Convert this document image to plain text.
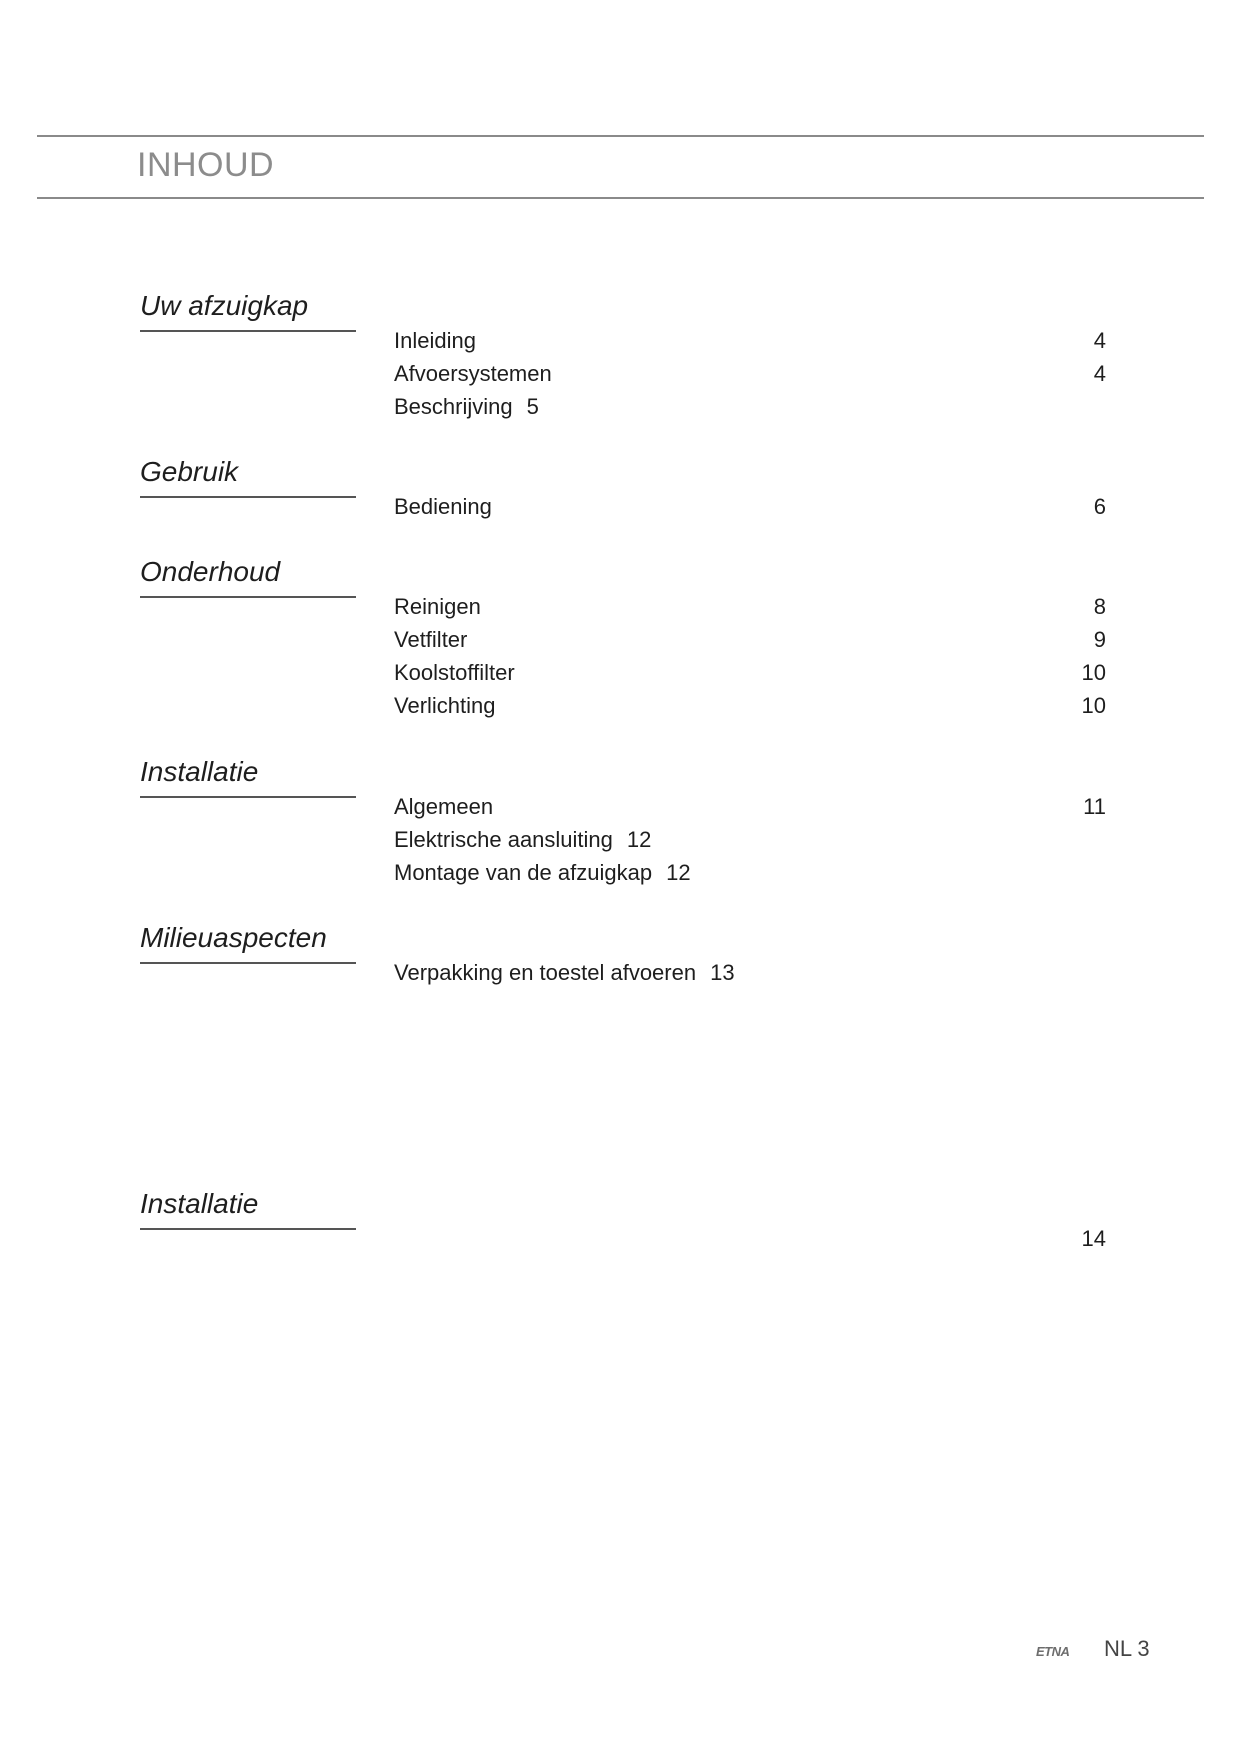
INHOUD
Uw afzuigkap
Inleiding	4
Afvoersystemen	4
Beschrijving 5
Gebruik
Bediening	6
Onderhoud
Reinigen	8
Vetfilter	9
Koolstoffilter	10
Verlichting	10
Installatie
Algemeen	11
Elektrische aansluiting 12
Montage van de afzuigkap 12
Milieuaspecten
Verpakking en toestel afvoeren 13
Installatie
14
ETNA NL 3
